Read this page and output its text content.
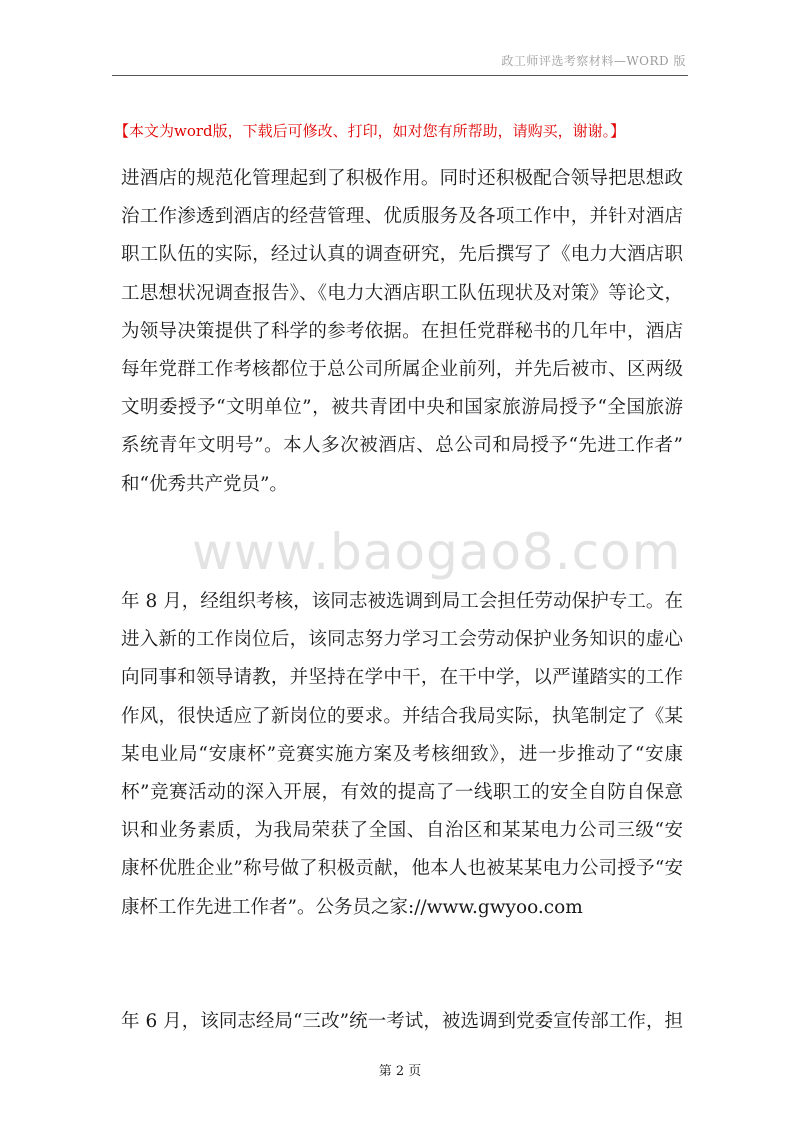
政工师评选考察材料—WORD 版
【本文为word版，下载后可修改、打印，如对您有所帮助，请购买，谢谢。】
进酒店的规范化管理起到了积极作用。同时还积极配合领导把思想政
治工作渗透到酒店的经营管理、优质服务及各项工作中，并针对酒店
职工队伍的实际，经过认真的调查研究，先后撰写了《电力大酒店职
工思想状况调查报告》、《电力大酒店职工队伍现状及对策》等论文，
为领导决策提供了科学的参考依据。在担任党群秘书的几年中，酒店
每年党群工作考核都位于总公司所属企业前列，并先后被市、区两级
文明委授予“文明单位”，被共青团中央和国家旅游局授予“全国旅游
系统青年文明号”。本人多次被酒店、总公司和局授予“先进工作者”
和“优秀共产党员”。
www.baogao8.com
年 8 月，经组织考核，该同志被选调到局工会担任劳动保护专工。在
进入新的工作岗位后，该同志努力学习工会劳动保护业务知识的虚心
向同事和领导请教，并坚持在学中干，在干中学，以严谨踏实的工作
作风，很快适应了新岗位的要求。并结合我局实际，执笔制定了《某
某电业局“安康杯”竞赛实施方案及考核细致》，进一步推动了“安康
杯”竞赛活动的深入开展，有效的提高了一线职工的安全自防自保意
识和业务素质，为我局荣获了全国、自治区和某某电力公司三级“安
康杯优胜企业”称号做了积极贡献，他本人也被某某电力公司授予“安
康杯工作先进工作者”。公务员之家://www.gwyoo.com
年 6 月，该同志经局“三改”统一考试，被选调到党委宣传部工作，担
第 2 页
